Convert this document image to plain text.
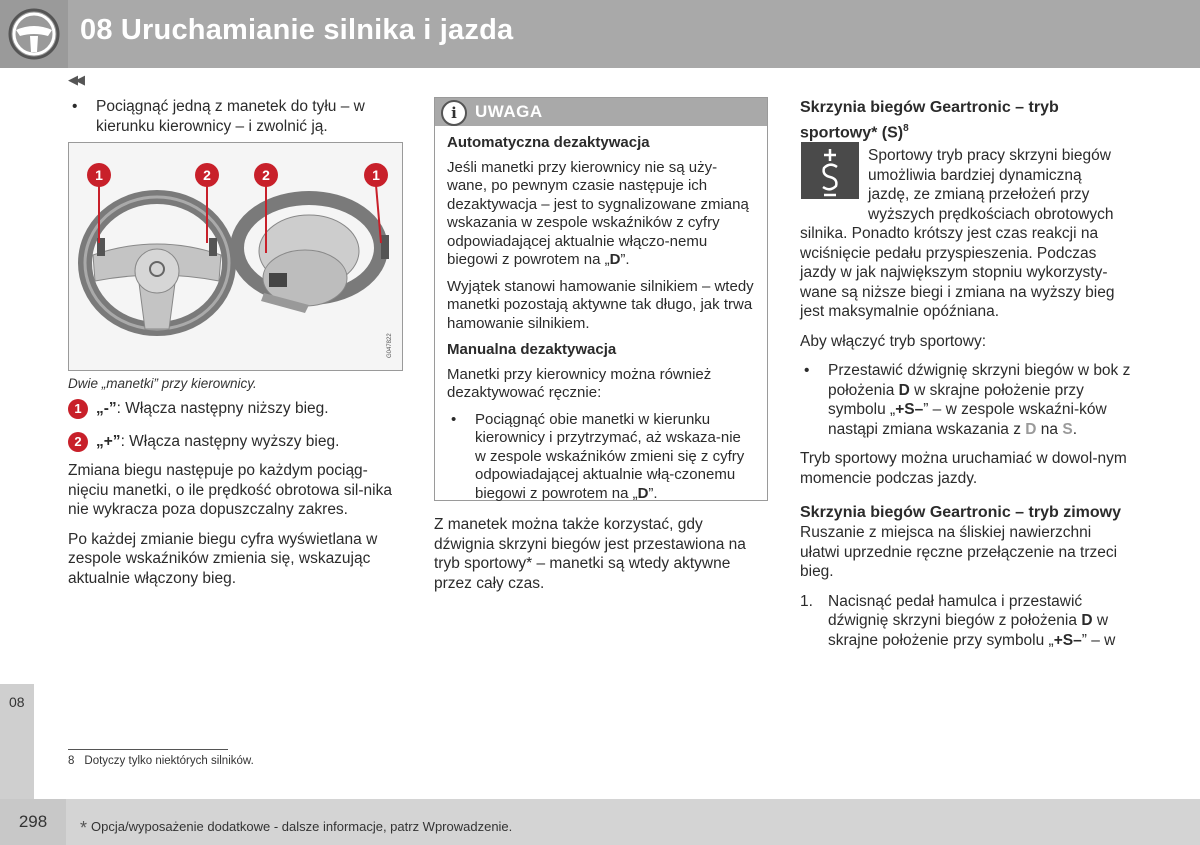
08 Uruchamianie silnika i jazda
◀◀
• Pociągnąć jedną z manetek do tyłu – w kierunku kierownicy – i zwolnić ją.
G047822
1	2	2	1
Dwie „manetki” przy kierownicy.
1 „-”: Włącza następny niższy bieg.
2 „+”: Włącza następny wyższy bieg.

Zmiana biegu następuje po każdym pociąg-nięciu manetki, o ile prędkość obrotowa sil-nika nie wykracza poza dopuszczalny zakres.

Po każdej zmianie biegu cyfra wyświetlana w zespole wskaźników zmienia się, wskazując aktualnie włączony bieg.

i	UWAGA
Automatyczna dezaktywacja

Jeśli manetki przy kierownicy nie są uży-wane, po pewnym czasie następuje ich dezaktywacja – jest to sygnalizowane zmianą wskazania w zespole wskaźników z cyfry odpowiadającej aktualnie włączo-nemu biegowi z powrotem na „D”.

Wyjątek stanowi hamowanie silnikiem – wtedy manetki pozostają aktywne tak długo, jak trwa hamowanie silnikiem.

Manualna dezaktywacja

Manetki przy kierownicy można również dezaktywować ręcznie:

• Pociągnąć obie manetki w kierunku kierownicy i przytrzymać, aż wskaza-nie w zespole wskaźników zmieni się z cyfry odpowiadającej aktualnie włą-czonemu biegowi z powrotem na „D”.

Z manetek można także korzystać, gdy dźwignia skrzyni biegów jest przestawiona na tryb sportowy* – manetki są wtedy aktywne przez cały czas.

Skrzynia biegów Geartronic – tryb sportowy* $(S)^8$
Sportowy tryb pracy skrzyni biegów
umożliwia bardziej dynamiczną
jazdę, ze zmianą przełożeń przy
wyższych prędkościach obrotowych

silnika. Ponadto krótszy jest czas reakcji na wciśnięcie pedału przyspieszenia. Podczas jazdy w jak największym stopniu wykorzysty-wane są niższe biegi i zmiana na wyższy bieg jest maksymalnie opóźniana.

Aby włączyć tryb sportowy:

• Przestawić dźwignię skrzyni biegów w bok z położenia D w skrajne położenie przy symbolu „+S–” – w zespole wskaźni-ków nastąpi zmiana wskazania z D na S.

Tryb sportowy można uruchamiać w dowol-nym momencie podczas jazdy.

Skrzynia biegów Geartronic – tryb zimowy

Ruszanie z miejsca na śliskiej nawierzchni ułatwi uprzednie ręczne przełączenie na trzeci bieg.

1. Nacisnąć pedał hamulca i przestawić dźwignię skrzyni biegów z położenia D w skrajne położenie przy symbolu „+S–” – w
8 Dotyczy tylko niektórych silników.
08
298	* Opcja/wyposażenie dodatkowe - dalsze informacje, patrz Wprowadzenie.
